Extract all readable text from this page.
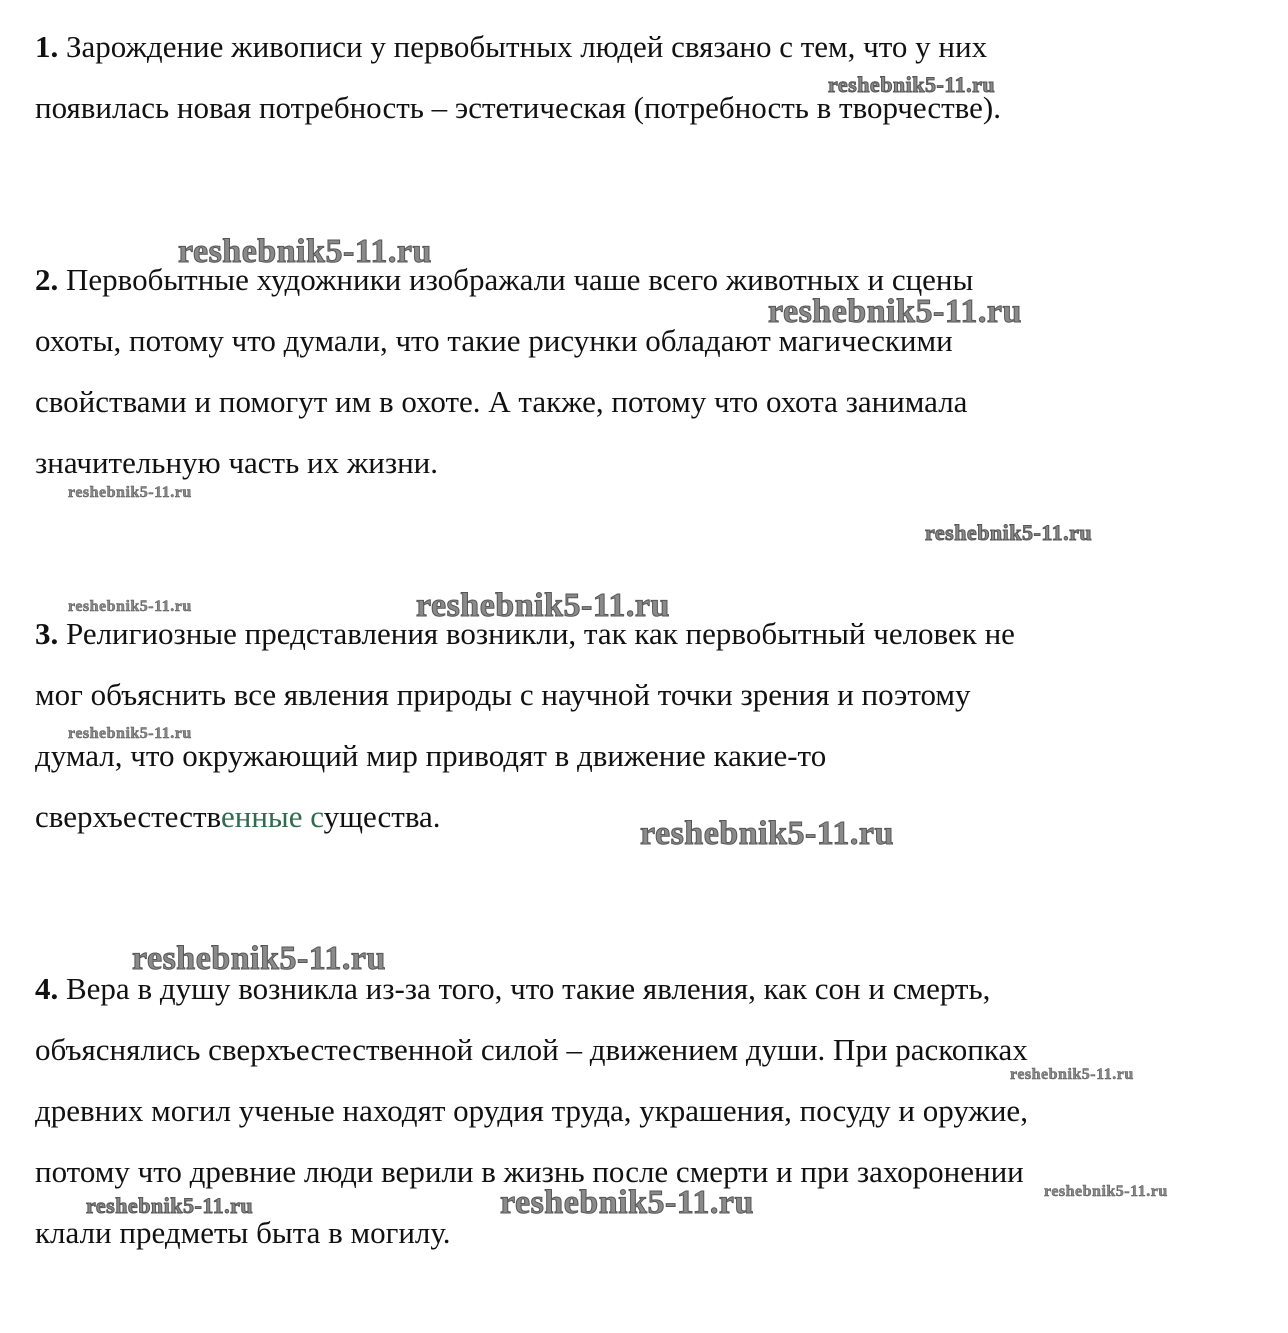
1. Зарождение живописи у первобытных людей связано с тем, что у них
появилась новая потребность – эстетическая (потребность в творчестве).
2. Первобытные художники изображали чаше всего животных и сцены
охоты, потому что думали, что такие рисунки обладают магическими
свойствами и помогут им в охоте. А также, потому что охота занимала
значительную часть их жизни.
3. Религиозные представления возникли, так как первобытный человек не
мог объяснить все явления природы с научной точки зрения и поэтому
думал, что окружающий мир приводят в движение какие-то
сверхъестественные существа.
4. Вера в душу возникла из-за того, что такие явления, как сон и смерть,
объяснялись сверхъестественной силой – движением души. При раскопках
древних могил ученые находят орудия труда, украшения, посуду и оружие,
потому что древние люди верили в жизнь после смерти и при захоронении
клали предметы быта в могилу.
reshebnik5-11.ru
reshebnik5-11.ru
reshebnik5-11.ru
reshebnik5-11.ru
reshebnik5-11.ru
reshebnik5-11.ru	reshebnik5-11.ru
reshebnik5-11.ru
reshebnik5-11.ru
reshebnik5-11.ru
reshebnik5-11.ru
reshebnik5-11.ru	reshebnik5-11.ru	reshebnik5-11.ru
